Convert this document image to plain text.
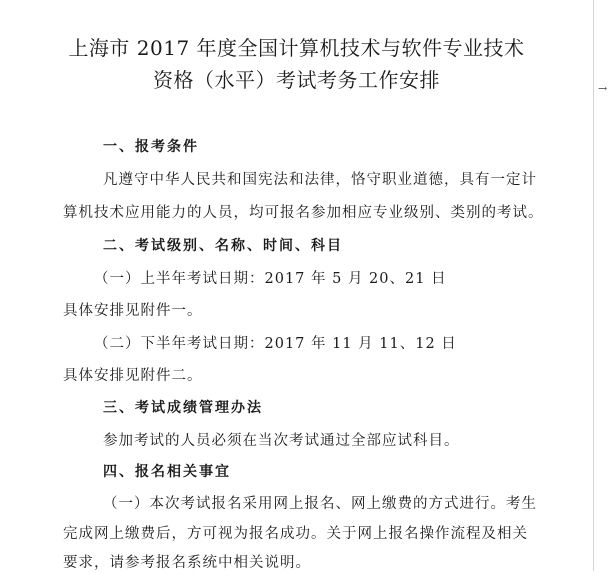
→
上海市 2017 年度全国计算机技术与软件专业技术
资格（水平）考试考务工作安排
一、报考条件
凡遵守中华人民共和国宪法和法律，恪守职业道德，具有一定计
算机技术应用能力的人员，均可报名参加相应专业级别、类别的考试。
二、考试级别、名称、时间、科目
（一）上半年考试日期：2017 年 5 月 20、21 日
具体安排见附件一。
（二）下半年考试日期：2017 年 11 月 11、12 日
具体安排见附件二。
三、考试成绩管理办法
参加考试的人员必须在当次考试通过全部应试科目。
四、报名相关事宜
（一）本次考试报名采用网上报名、网上缴费的方式进行。考生
完成网上缴费后，方可视为报名成功。关于网上报名操作流程及相关
要求，请参考报名系统中相关说明。
